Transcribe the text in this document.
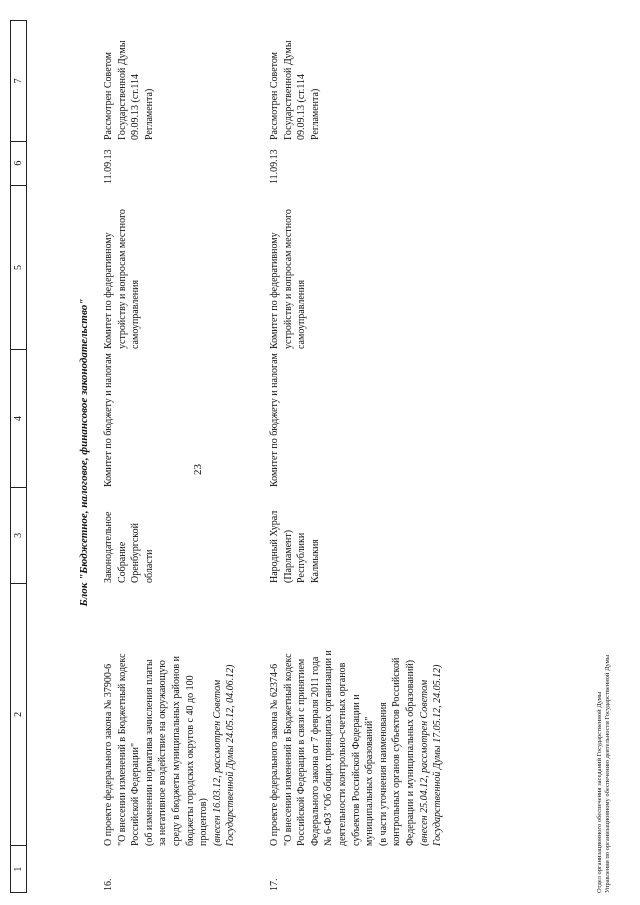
1
2
3
4
5
6
7
Блок "Бюджетное, налоговое, финансовое законодательство"
16.
О проекте федерального закона № 37900-6 "О внесении изменений в Бюджетный кодекс Российской Федерации" (об изменении норматива зачисления платы за негативное воздействие на окружающую среду в бюджеты муниципальных районов и бюджеты городских округов с 40 до 100 процентов) (внесен 16.03.12, рассмотрен Советом Государственной Думы 24.05.12, 04.06.12)
Законодательное Собрание Оренбургской области
Комитет по бюджету и налогам
Комитет по федеративному устройству и вопросам местного самоуправления
11.09.13
Рассмотрен Советом Государственной Думы 09.09.13 (ст.114 Регламента)
17.
О проекте федерального закона № 62374-6 "О внесении изменений в Бюджетный кодекс Российской Федерации в связи с принятием Федерального закона от 7 февраля 2011 года № 6-ФЗ "Об общих принципах организации и деятельности контрольно-счетных органов субъектов Российской Федерации и муниципальных образований" (в части уточнения наименования контрольных органов субъектов Российской Федерации и муниципальных образований) (внесен 25.04.12, рассмотрен Советом Государственной Думы 17.05.12, 24.05.12)
Народный Хурал (Парламент) Республики Калмыкия
Комитет по бюджету и налогам
Комитет по федеративному устройству и вопросам местного самоуправления
11.09.13
Рассмотрен Советом Государственной Думы 09.09.13 (ст.114 Регламента)
23
Отдел организационного обеспечения заседаний Государственной Думы Управления по организационному обеспечению деятельности Государственной Думы
